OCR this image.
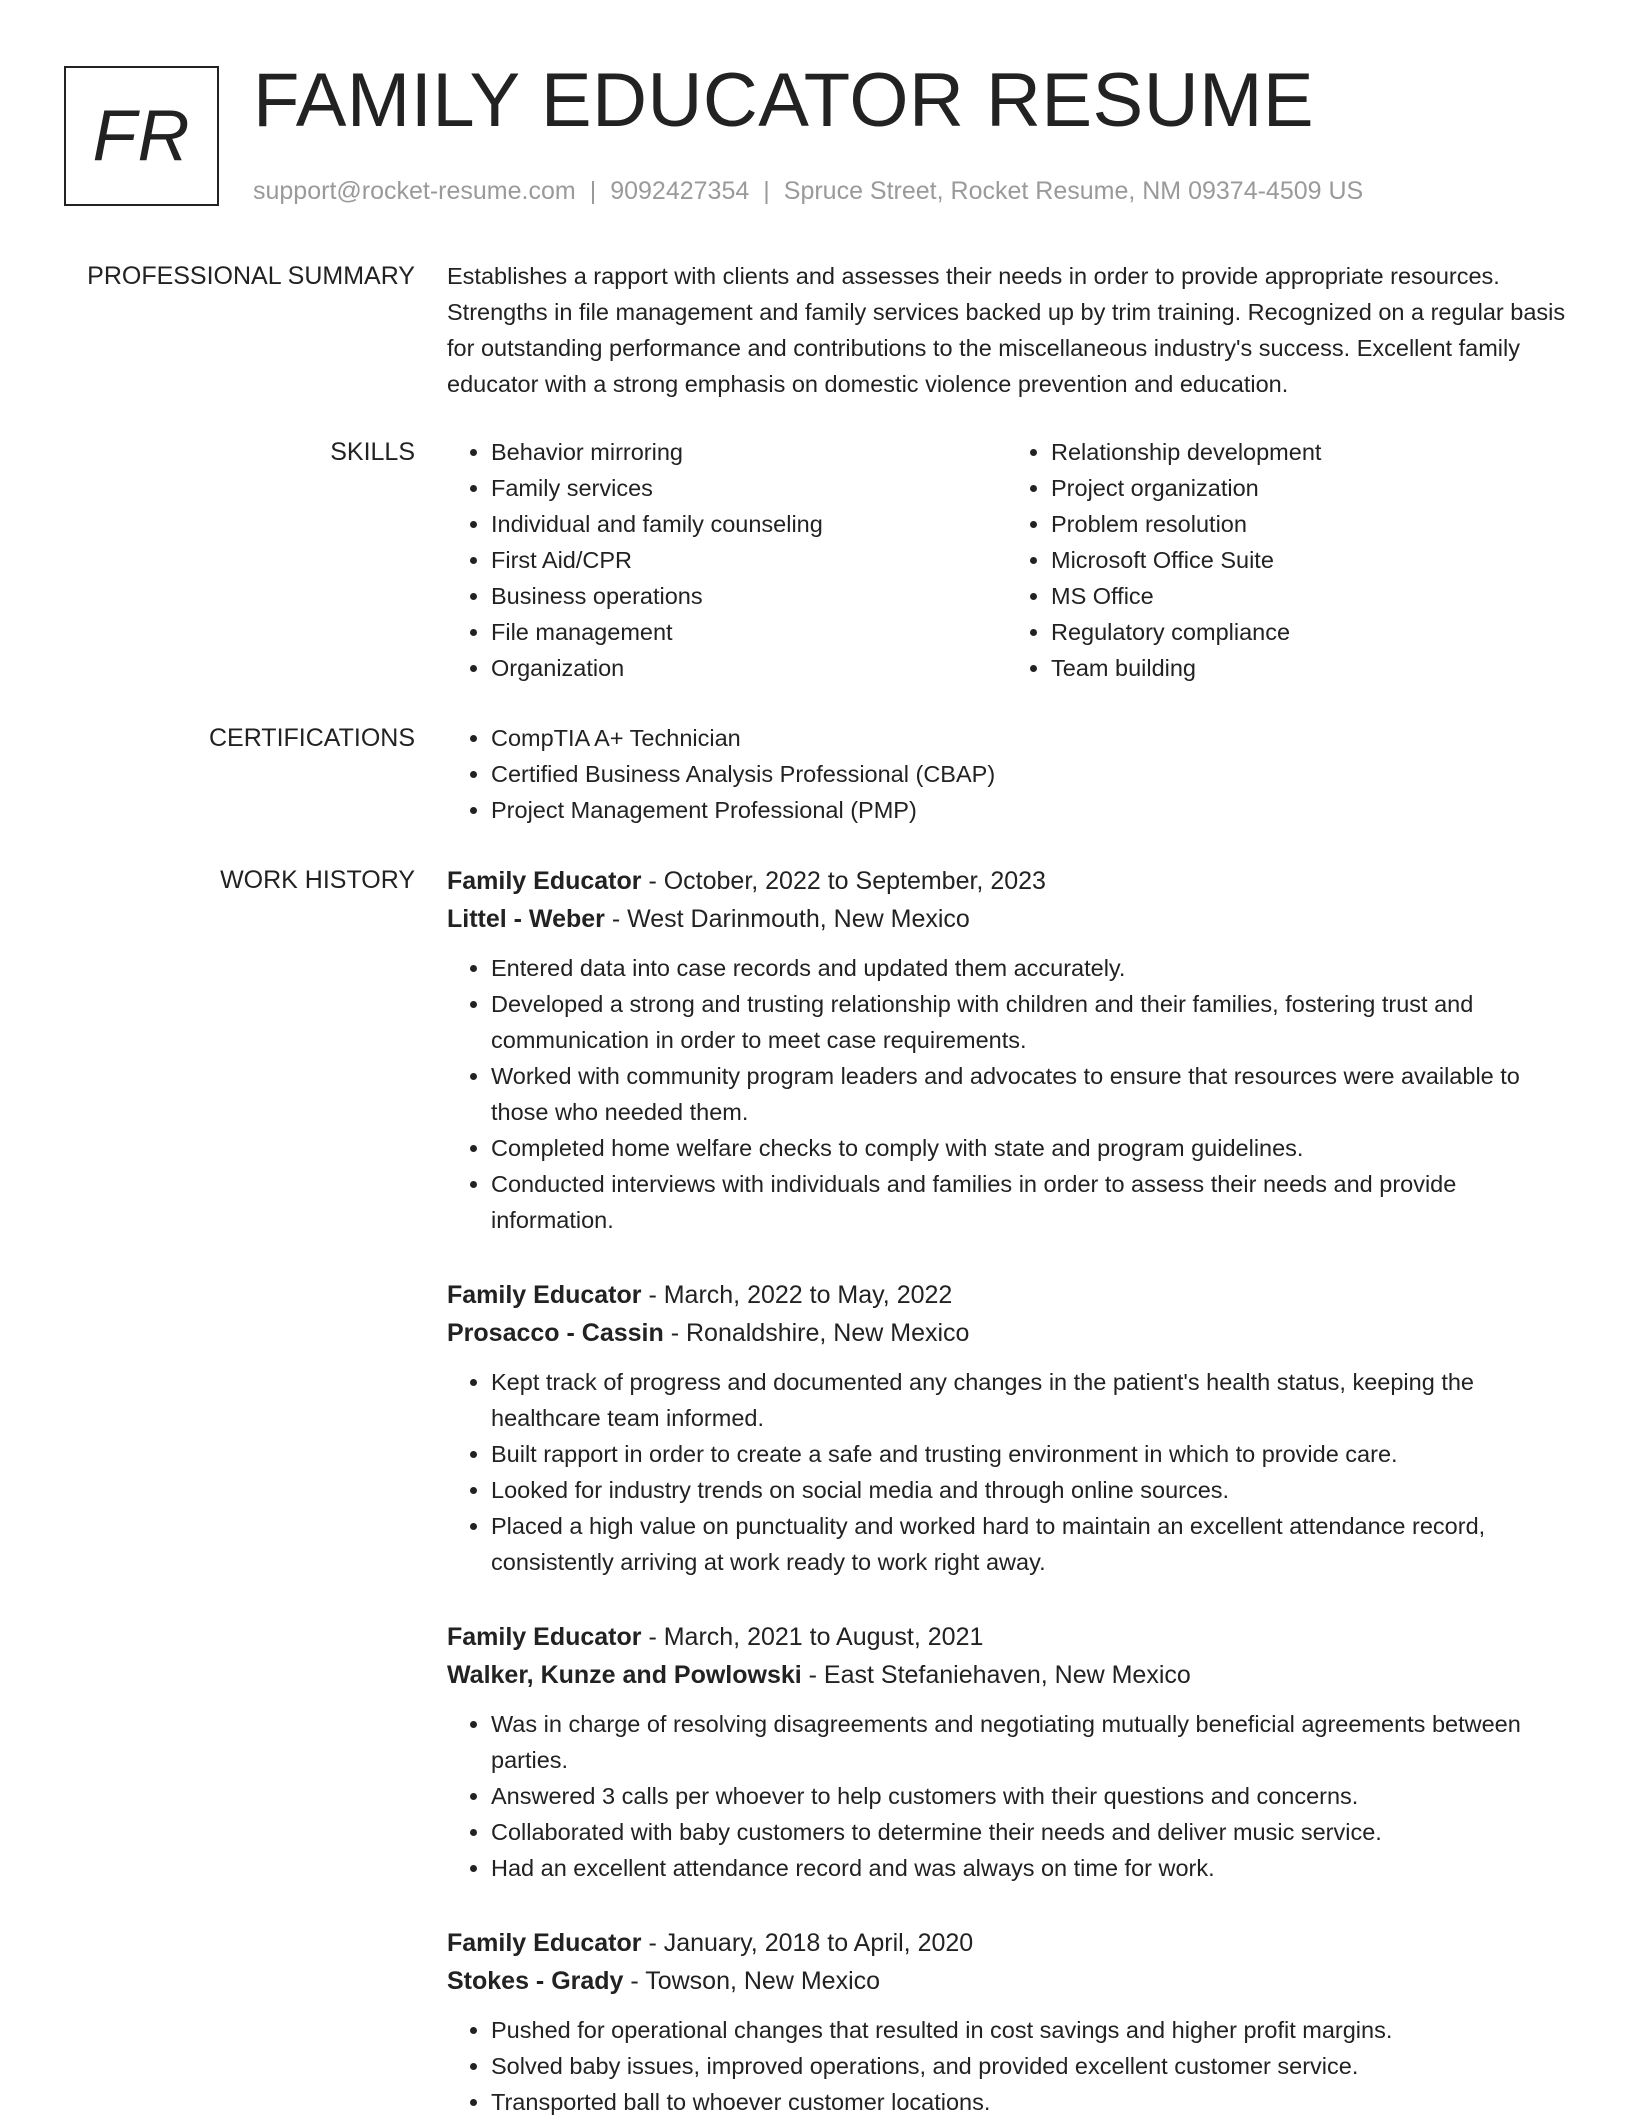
FR FAMILY EDUCATOR RESUME
support@rocket-resume.com | 9092427354 | Spruce Street, Rocket Resume, NM 09374-4509 US
PROFESSIONAL SUMMARY Establishes a rapport with clients and assesses their needs in order to provide appropriate resources. Strengths in file management and family services backed up by trim training. Recognized on a regular basis for outstanding performance and contributions to the miscellaneous industry's success. Excellent family educator with a strong emphasis on domestic violence prevention and education.

SKILLS	• Behavior mirroring
• Family services
• Individual and family counseling
• First Aid/CPR
• Business operations
• File management
• Organization
• Relationship development
• Project organization
• Problem resolution
• Microsoft Office Suite
• MS Office
• Regulatory compliance
• Team building
CERTIFICATIONS	• CompTIA A+ Technician
• Certified Business Analysis Professional (CBAP)
• Project Management Professional (PMP)
WORK HISTORY Family Educator - October, 2022 to September, 2023
Littel - Weber - West Darinmouth, New Mexico
• Entered data into case records and updated them accurately.
• Developed a strong and trusting relationship with children and their families, fostering trust and communication in order to meet case requirements.
• Worked with community program leaders and advocates to ensure that resources were available to those who needed them.
• Completed home welfare checks to comply with state and program guidelines.
• Conducted interviews with individuals and families in order to assess their needs and provide information.
Family Educator - March, 2022 to May, 2022
Prosacco - Cassin - Ronaldshire, New Mexico
• Kept track of progress and documented any changes in the patient's health status, keeping the healthcare team informed.
• Built rapport in order to create a safe and trusting environment in which to provide care.
• Looked for industry trends on social media and through online sources.
• Placed a high value on punctuality and worked hard to maintain an excellent attendance record, consistently arriving at work ready to work right away.
Family Educator - March, 2021 to August, 2021
Walker, Kunze and Powlowski - East Stefaniehaven, New Mexico
• Was in charge of resolving disagreements and negotiating mutually beneficial agreements between parties.
• Answered 3 calls per whoever to help customers with their questions and concerns.
• Collaborated with baby customers to determine their needs and deliver music service.
• Had an excellent attendance record and was always on time for work.
Family Educator - January, 2018 to April, 2020
Stokes - Grady - Towson, New Mexico
• Pushed for operational changes that resulted in cost savings and higher profit margins.
• Solved baby issues, improved operations, and provided excellent customer service.
• Transported ball to whoever customer locations.
